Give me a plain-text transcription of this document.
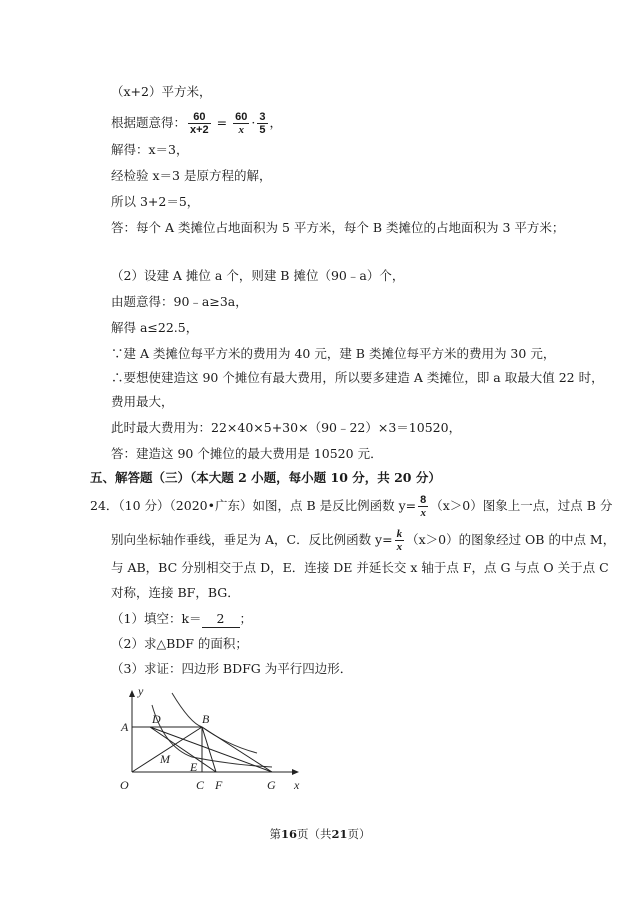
（x+2）平方米，
根据题意得： $\frac{60}{x+2} = \frac{60}{x} \cdot \frac{3}{5}$ ，
解得：x＝3，
经检验 x＝3 是原方程的解，
所以 3+2＝5，
答：每个 A 类摊位占地面积为 5 平方米，每个 B 类摊位的占地面积为 3 平方米；
（2）设建 A 摊位 a 个，则建 B 摊位（90﹣a）个，
由题意得：90﹣a≥3a，
解得 a≤22.5，
∵建 A 类摊位每平方米的费用为 40 元，建 B 类摊位每平方米的费用为 30 元，
∴要想使建造这 90 个摊位有最大费用，所以要多建造 A 类摊位，即 a 取最大值 22 时，
费用最大，
此时最大费用为：22×40×5+30×（90﹣22）×3＝10520，
答：建造这 90 个摊位的最大费用是 10520 元．
五、解答题（三）（本大题 2 小题，每小题 10 分，共 20 分）
24．（10 分）（2020•广东）如图，点 B 是反比例函数 $y= \frac{8}{x} (x>0)$图象上一点，过点 B 分
别向坐标轴作垂线，垂足为 A，C．反比例函数 $y= \frac{k}{x} (x>0)$的图象经过 OB 的中点 M，
与 AB，BC 分别相交于点 D，E．连接 DE 并延长交 x 轴于点 F，点 G 与点 O 关于点 C
对称，连接 BF，BG．
（1）填空：k＝ 2 ；
（2）求△BDF 的面积；
（3）求证：四边形 BDFG 为平行四边形．
y
x
A
D	B
M
E
O	C F	G
第16页（共21页）
